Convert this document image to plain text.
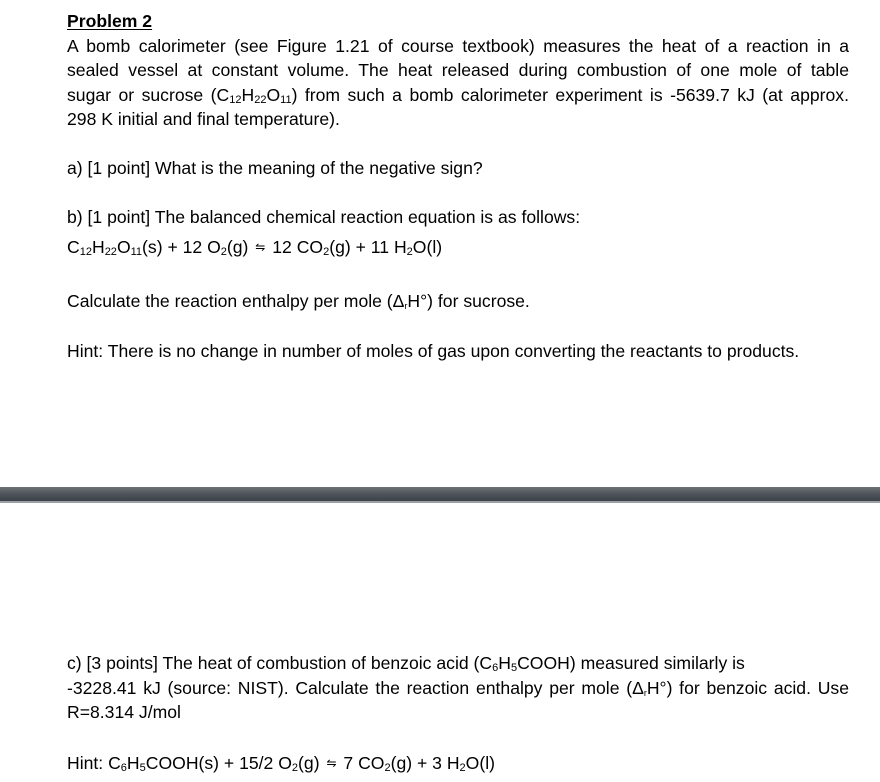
Problem 2
A bomb calorimeter (see Figure 1.21 of course textbook) measures the heat of a reaction in a
sealed vessel at constant volume. The heat released during combustion of one mole of table
sugar or sucrose $(C_{12}H_{22}O_{11})$ from such a bomb calorimeter experiment is -5639.7 kJ (at approx.
298 K initial and final temperature).
a) [1 point] What is the meaning of the negative sign?
b) [1 point] The balanced chemical reaction equation is as follows:
$C_{12}H_{22}O_{11}(s) + 12$ $O_2(g)$ ⇋ 12 $CO_2(g) + 11$ $H_2O(l)$
Calculate the reaction enthalpy per mole $(\Delta_rH^\circ)$ for sucrose.
Hint: There is no change in number of moles of gas upon converting the reactants to products.
c) [3 points] The heat of combustion of benzoic acid $(C_6H_5COOH)$ measured similarly is
-3228.41 kJ (source: NIST). Calculate the reaction enthalpy per mole $(\Delta_rH^\circ)$ for benzoic acid. Use
R=8.314 J/mol
Hint: $C_6H_5COOH(s) + 15/2$ $O_2(g)$ ⇋ 7 $CO_2(g) + 3$ $H_2O(l)$
